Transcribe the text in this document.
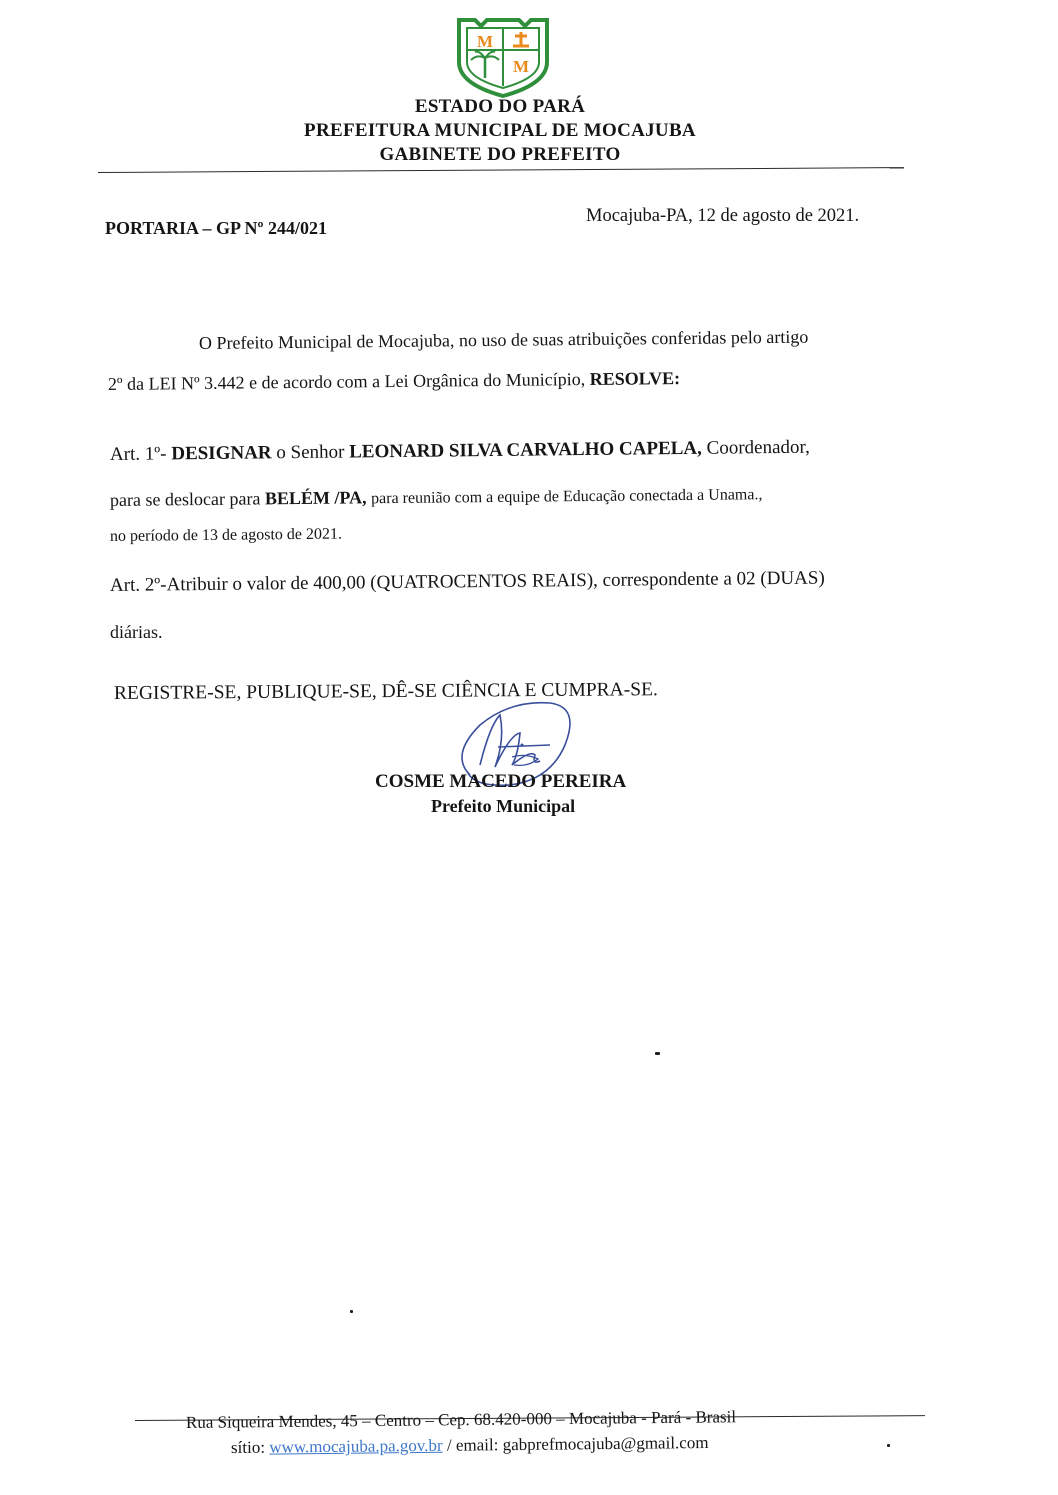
M
M
ESTADO DO PARÁ
PREFEITURA MUNICIPAL DE MOCAJUBA
GABINETE DO PREFEITO
PORTARIA – GP Nº 244/021
Mocajuba-PA, 12 de agosto de 2021.
O Prefeito Municipal de Mocajuba, no uso de suas atribuições conferidas pelo artigo
2º da LEI Nº 3.442 e de acordo com a Lei Orgânica do Município, RESOLVE:
Art. 1º- DESIGNAR o Senhor LEONARD SILVA CARVALHO CAPELA, Coordenador,
para se deslocar para BELÉM /PA, para reunião com a equipe de Educação conectada a Unama.,
no período de 13 de agosto de 2021.
Art. 2º-Atribuir o valor de 400,00 (QUATROCENTOS REAIS), correspondente a 02 (DUAS)
diárias.
REGISTRE-SE, PUBLIQUE-SE, DÊ-SE CIÊNCIA E CUMPRA-SE.
COSME MACEDO PEREIRA
Prefeito Municipal
Rua Siqueira Mendes, 45 – Centro – Cep. 68.420-000 – Mocajuba - Pará - Brasil
sítio: www.mocajuba.pa.gov.br / email: gabprefmocajuba@gmail.com
